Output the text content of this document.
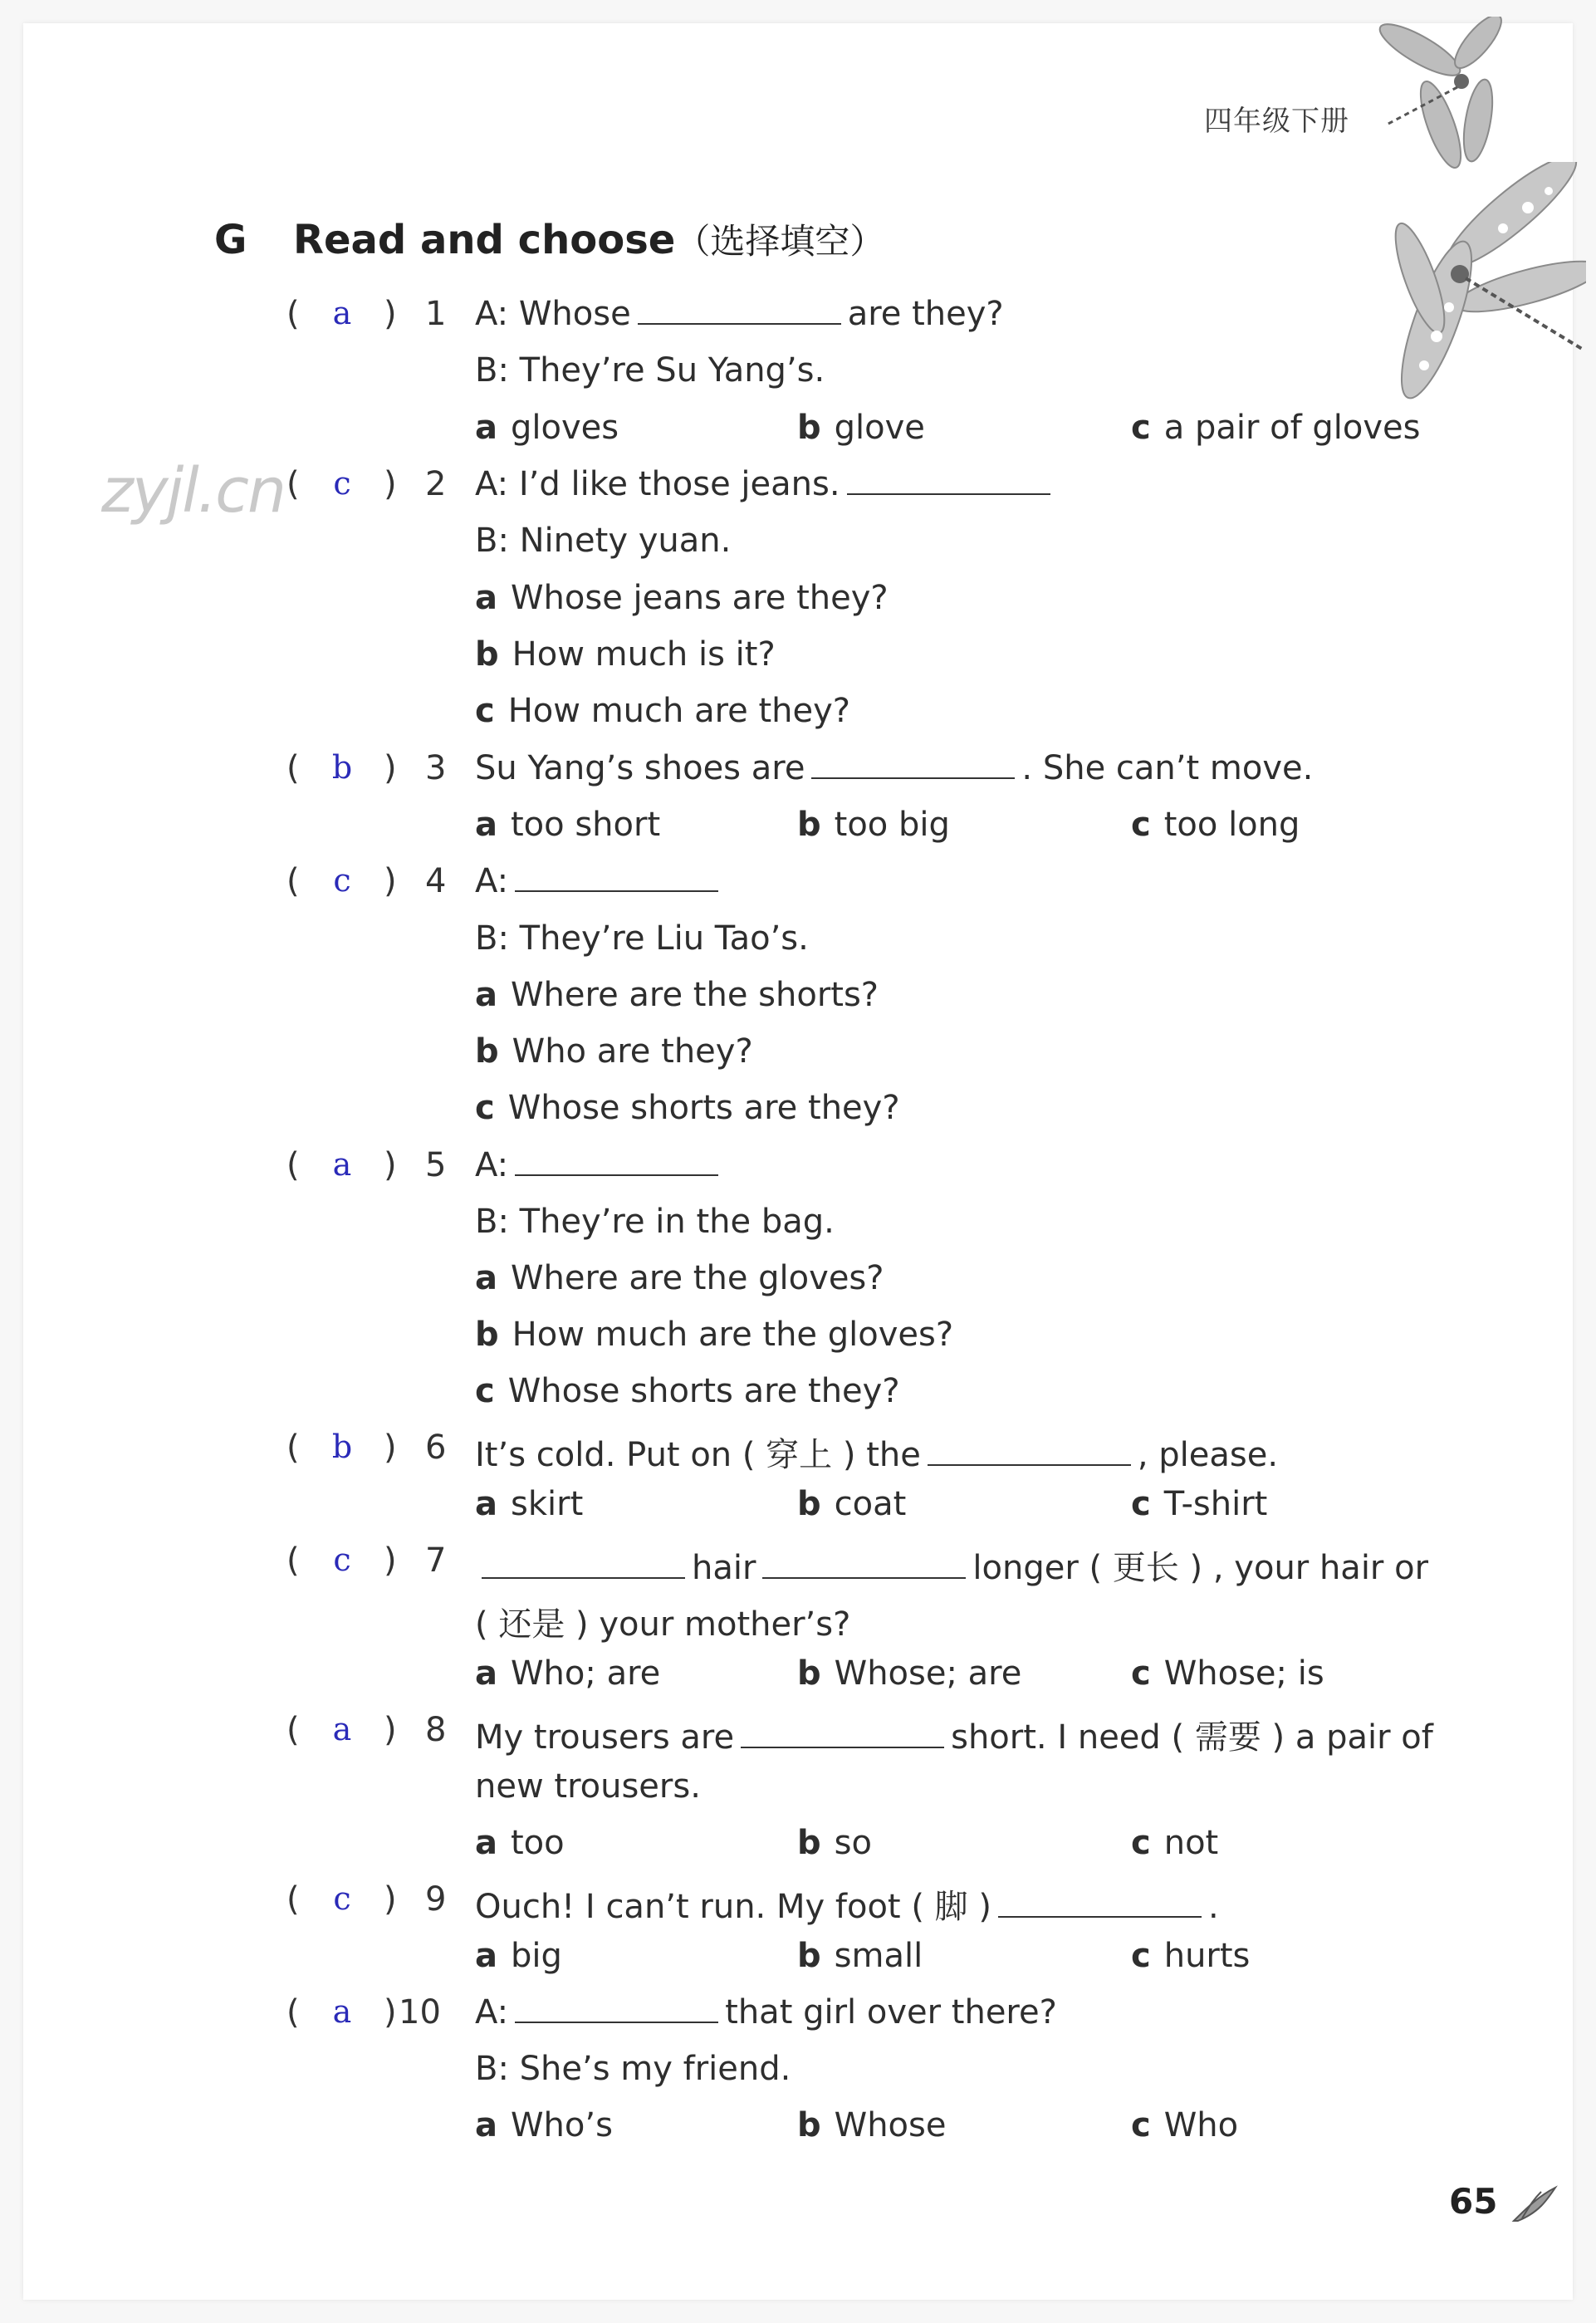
四年级下册
G Read and choose（选择填空）
zyjl.cn
( a ) 1 A: Whose	are they?
B: They’re Su Yang’s.
a gloves	b glove	c a pair of gloves
( c ) 2 A: I’d like those jeans.
B: Ninety yuan.
a Whose jeans are they?
b How much is it?
c How much are they?
( b ) 3 Su Yang’s shoes are	. She can’t move.
a too short	b too big	c too long
( c ) 4 A:
B: They’re Liu Tao’s.
a Where are the shorts?
b Who are they?
c Whose shorts are they?
( a ) 5 A:
B: They’re in the bag.
a Where are the gloves?
b How much are the gloves?
c Whose shorts are they?
( b ) 6 It’s cold. Put on ( 穿上 ) the	, please.
a skirt	b coat	c T-shirt
( c ) 7	hair	longer ( 更长 ) , your hair or
( 还是 ) your mother’s?
a Who; are	b Whose; are	c Whose; is
( a ) 8 My trousers are	short. I need ( 需要 ) a pair of
new trousers.
a too	b so	c not
( c ) 9 Ouch! I can’t run. My foot ( 脚 )	.
a big	b small	c hurts
( a ) 10 A:	that girl over there?
B: She’s my friend.
a Who’s	b Whose	c Who
65
